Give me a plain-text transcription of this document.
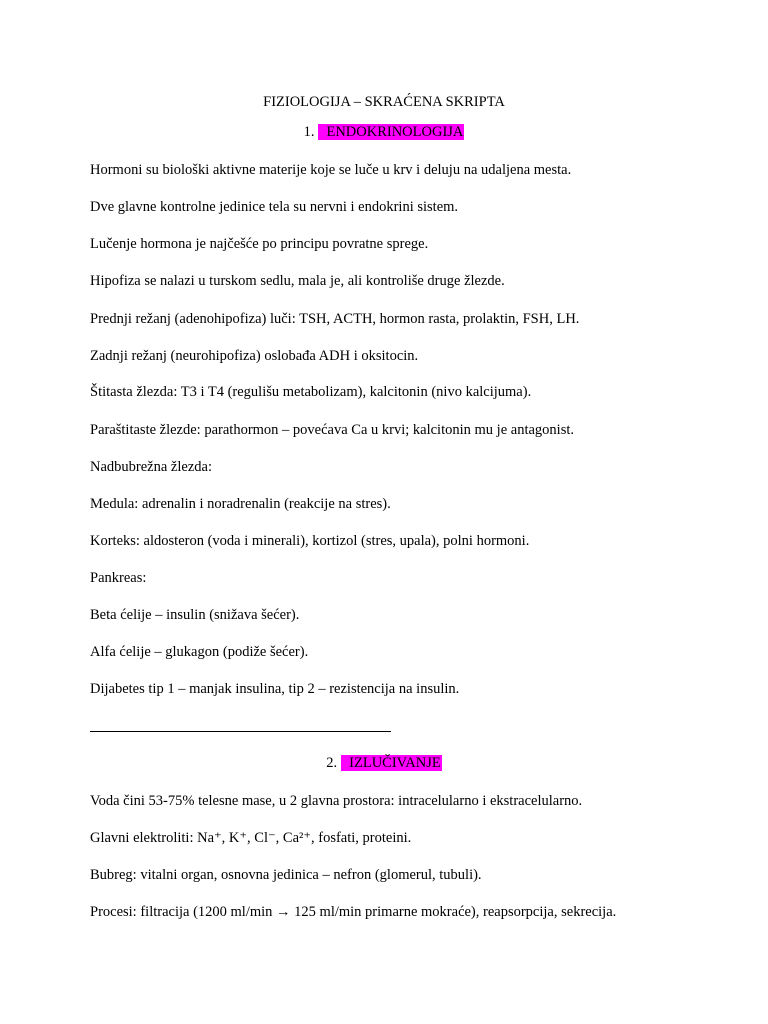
FIZIOLOGIJA – SKRAĆENA SKRIPTA
1. ENDOKRINOLOGIJA
Hormoni su biološki aktivne materije koje se luče u krv i deluju na udaljena mesta.
Dve glavne kontrolne jedinice tela su nervni i endokrini sistem.
Lučenje hormona je najčešće po principu povratne sprege.
Hipofiza se nalazi u turskom sedlu, mala je, ali kontroliše druge žlezde.
Prednji režanj (adenohipofiza) luči: TSH, ACTH, hormon rasta, prolaktin, FSH, LH.
Zadnji režanj (neurohipofiza) oslobađa ADH i oksitocin.
Štitasta žlezda: T3 i T4 (regulišu metabolizam), kalcitonin (nivo kalcijuma).
Paraštitaste žlezde: parathormon – povećava Ca u krvi; kalcitonin mu je antagonist.
Nadbubrežna žlezda:
Medula: adrenalin i noradrenalin (reakcije na stres).
Korteks: aldosteron (voda i minerali), kortizol (stres, upala), polni hormoni.
Pankreas:
Beta ćelije – insulin (snižava šećer).
Alfa ćelije – glukagon (podiže šećer).
Dijabetes tip 1 – manjak insulina, tip 2 – rezistencija na insulin.
2. IZLUČIVANJE
Voda čini 53-75% telesne mase, u 2 glavna prostora: intracelularno i ekstracelularno.
Glavni elektroliti: Na⁺, K⁺, Cl⁻, Ca²⁺, fosfati, proteini.
Bubreg: vitalni organ, osnovna jedinica – nefron (glomerul, tubuli).
Procesi: filtracija (1200 ml/min → 125 ml/min primarne mokraće), reapsorpcija, sekrecija.
